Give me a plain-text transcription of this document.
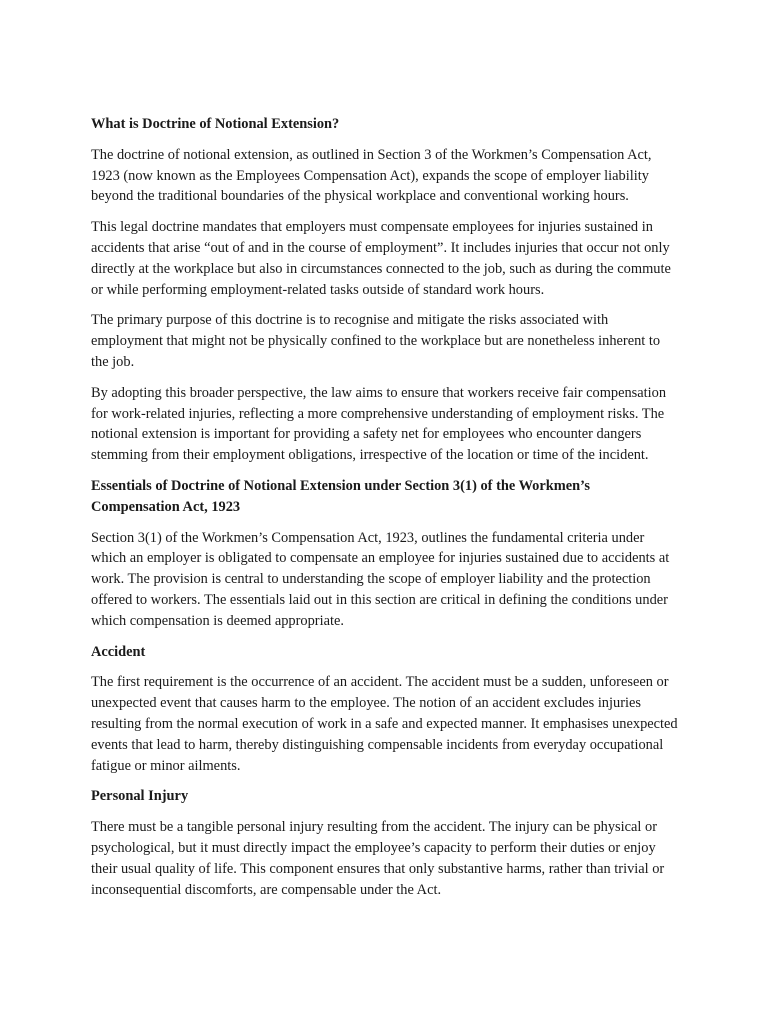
What is Doctrine of Notional Extension?

The doctrine of notional extension, as outlined in Section 3 of the Workmen’s Compensation Act, 1923 (now known as the Employees Compensation Act), expands the scope of employer liability beyond the traditional boundaries of the physical workplace and conventional working hours.

This legal doctrine mandates that employers must compensate employees for injuries sustained in accidents that arise “out of and in the course of employment”. It includes injuries that occur not only directly at the workplace but also in circumstances connected to the job, such as during the commute or while performing employment-related tasks outside of standard work hours.

The primary purpose of this doctrine is to recognise and mitigate the risks associated with employment that might not be physically confined to the workplace but are nonetheless inherent to the job.

By adopting this broader perspective, the law aims to ensure that workers receive fair compensation for work-related injuries, reflecting a more comprehensive understanding of employment risks. The notional extension is important for providing a safety net for employees who encounter dangers stemming from their employment obligations, irrespective of the location or time of the incident.

Essentials of Doctrine of Notional Extension under Section 3(1) of the Workmen’s Compensation Act, 1923

Section 3(1) of the Workmen’s Compensation Act, 1923, outlines the fundamental criteria under which an employer is obligated to compensate an employee for injuries sustained due to accidents at work. The provision is central to understanding the scope of employer liability and the protection offered to workers. The essentials laid out in this section are critical in defining the conditions under which compensation is deemed appropriate.

Accident

The first requirement is the occurrence of an accident. The accident must be a sudden, unforeseen or unexpected event that causes harm to the employee. The notion of an accident excludes injuries resulting from the normal execution of work in a safe and expected manner. It emphasises unexpected events that lead to harm, thereby distinguishing compensable incidents from everyday occupational fatigue or minor ailments.

Personal Injury

There must be a tangible personal injury resulting from the accident. The injury can be physical or psychological, but it must directly impact the employee’s capacity to perform their duties or enjoy their usual quality of life. This component ensures that only substantive harms, rather than trivial or inconsequential discomforts, are compensable under the Act.
